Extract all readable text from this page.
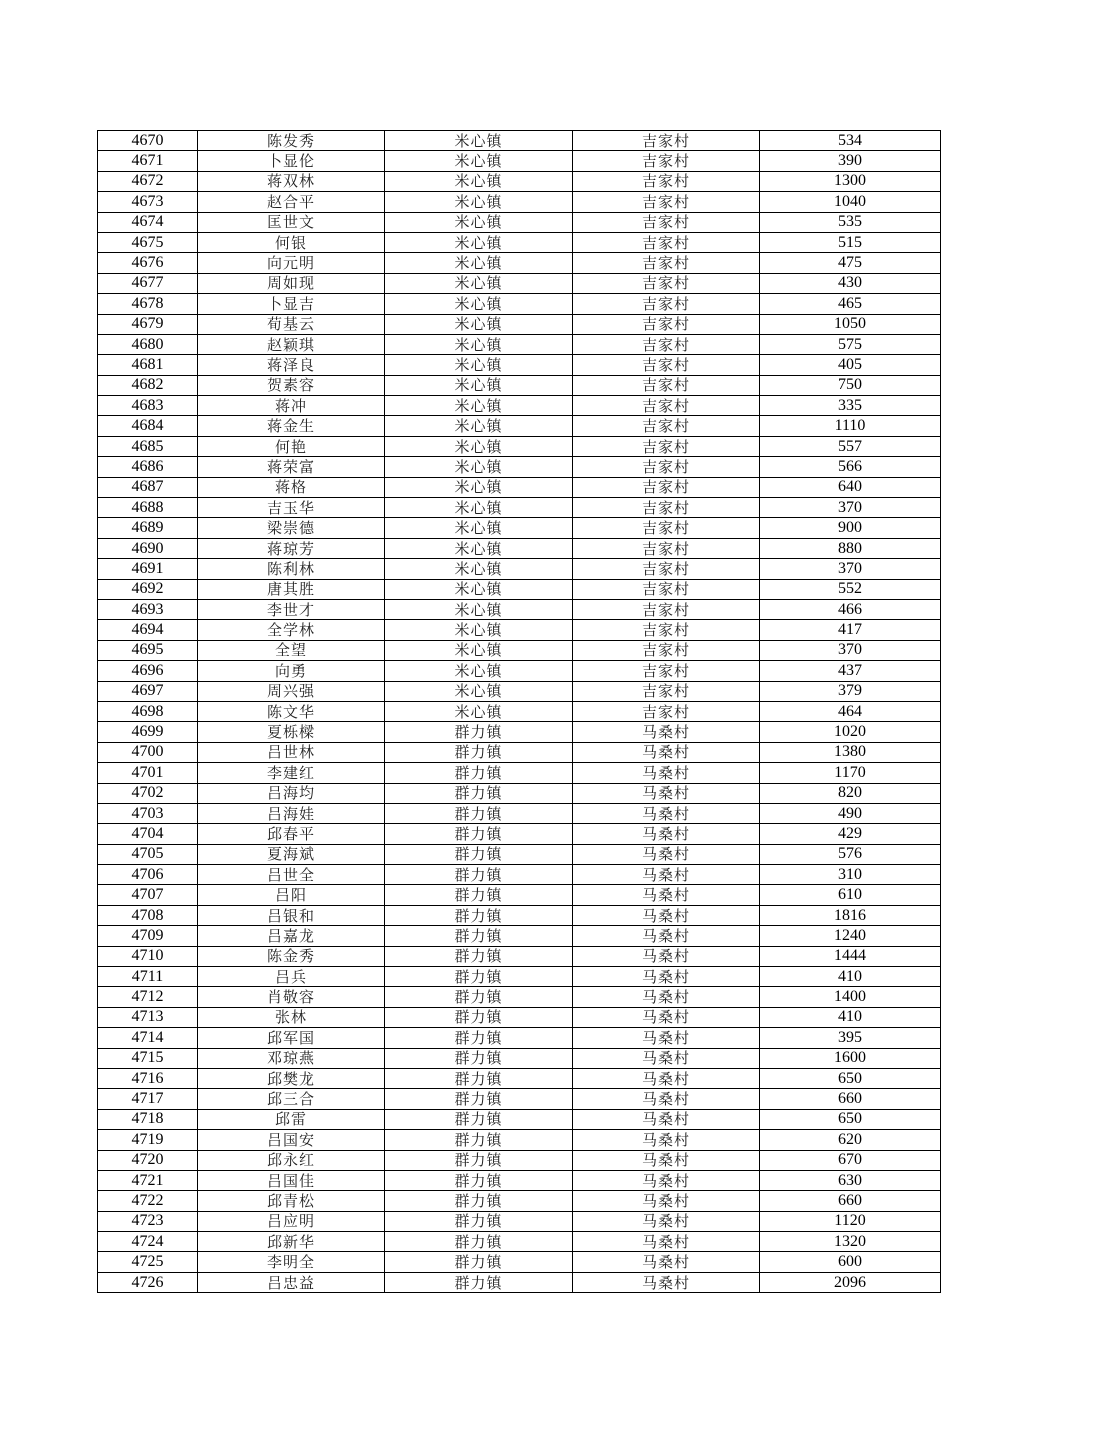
4670	陈发秀	米心镇	吉家村	534
4671	卜显伦	米心镇	吉家村	390
4672	蒋双林	米心镇	吉家村	1300
4673	赵合平	米心镇	吉家村	1040
4674	匡世文	米心镇	吉家村	535
4675	何银	米心镇	吉家村	515
4676	向元明	米心镇	吉家村	475
4677	周如现	米心镇	吉家村	430
4678	卜显吉	米心镇	吉家村	465
4679	荀基云	米心镇	吉家村	1050
4680	赵颖琪	米心镇	吉家村	575
4681	蒋泽良	米心镇	吉家村	405
4682	贺素容	米心镇	吉家村	750
4683	蒋冲	米心镇	吉家村	335
4684	蒋金生	米心镇	吉家村	1110
4685	何艳	米心镇	吉家村	557
4686	蒋荣富	米心镇	吉家村	566
4687	蒋格	米心镇	吉家村	640
4688	吉玉华	米心镇	吉家村	370
4689	梁崇德	米心镇	吉家村	900
4690	蒋琼芳	米心镇	吉家村	880
4691	陈利林	米心镇	吉家村	370
4692	唐其胜	米心镇	吉家村	552
4693	李世才	米心镇	吉家村	466
4694	全学林	米心镇	吉家村	417
4695	全望	米心镇	吉家村	370
4696	向勇	米心镇	吉家村	437
4697	周兴强	米心镇	吉家村	379
4698	陈文华	米心镇	吉家村	464
4699	夏栎樑	群力镇	马桑村	1020
4700	吕世林	群力镇	马桑村	1380
4701	李建红	群力镇	马桑村	1170
4702	吕海均	群力镇	马桑村	820
4703	吕海娃	群力镇	马桑村	490
4704	邱春平	群力镇	马桑村	429
4705	夏海斌	群力镇	马桑村	576
4706	吕世全	群力镇	马桑村	310
4707	吕阳	群力镇	马桑村	610
4708	吕银和	群力镇	马桑村	1816
4709	吕嘉龙	群力镇	马桑村	1240
4710	陈金秀	群力镇	马桑村	1444
4711	吕兵	群力镇	马桑村	410
4712	肖敬容	群力镇	马桑村	1400
4713	张林	群力镇	马桑村	410
4714	邱军国	群力镇	马桑村	395
4715	邓琼燕	群力镇	马桑村	1600
4716	邱樊龙	群力镇	马桑村	650
4717	邱三合	群力镇	马桑村	660
4718	邱雷	群力镇	马桑村	650
4719	吕国安	群力镇	马桑村	620
4720	邱永红	群力镇	马桑村	670
4721	吕国佳	群力镇	马桑村	630
4722	邱青松	群力镇	马桑村	660
4723	吕应明	群力镇	马桑村	1120
4724	邱新华	群力镇	马桑村	1320
4725	李明全	群力镇	马桑村	600
4726	吕忠益	群力镇	马桑村	2096
